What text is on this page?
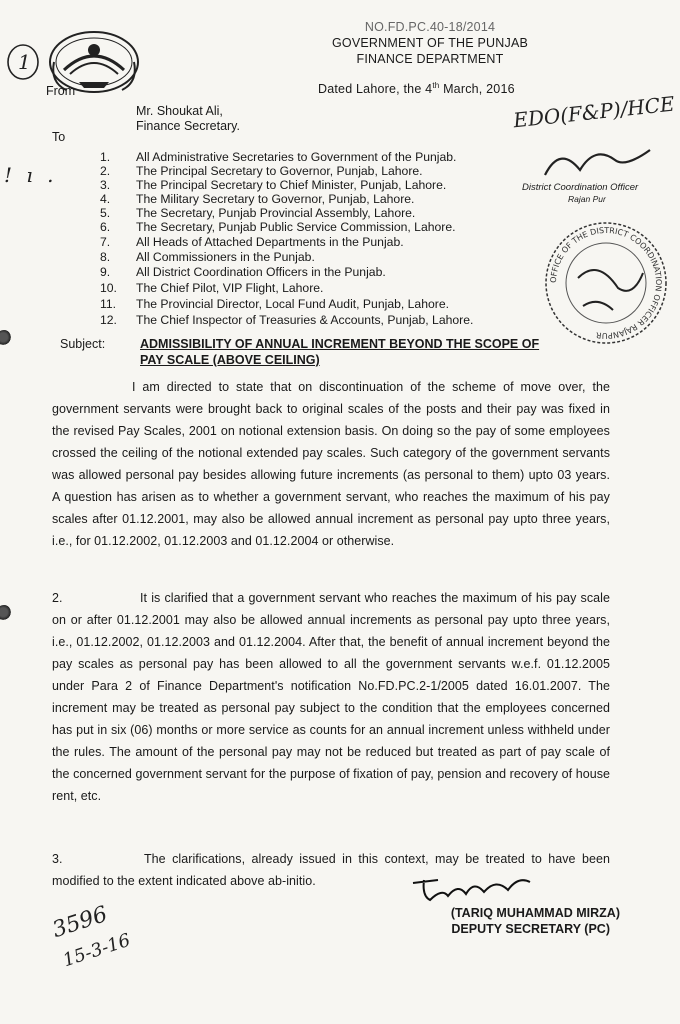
1
NO.FD.PC.40-18/2014
GOVERNMENT OF THE PUNJAB
FINANCE DEPARTMENT
Dated Lahore, the 4th March, 2016
EDO(F&P)/HCE
From
Mr. Shoukat Ali,
Finance Secretary.
To
! ı .
1. All Administrative Secretaries to Government of the Punjab.
2. The Principal Secretary to Governor, Punjab, Lahore.
3. The Principal Secretary to Chief Minister, Punjab, Lahore.
4. The Military Secretary to Governor, Punjab, Lahore.
5. The Secretary, Punjab Provincial Assembly, Lahore.
6. The Secretary, Punjab Public Service Commission, Lahore.
7. All Heads of Attached Departments in the Punjab.
8. All Commissioners in the Punjab.
9. All District Coordination Officers in the Punjab.
10. The Chief Pilot, VIP Flight, Lahore.
11. The Provincial Director, Local Fund Audit, Punjab, Lahore.
12. The Chief Inspector of Treasuries & Accounts, Punjab, Lahore.
District Coordination Officer
Rajan Pur
OFFICE OF THE DISTRICT COORDINATION OFFICER RAJANPUR
Subject:	ADMISSIBILITY OF ANNUAL INCREMENT BEYOND THE SCOPE OF
PAY SCALE (ABOVE CEILING)
I am directed to state that on discontinuation of the scheme of move over, the government servants were brought back to original scales of the posts and their pay was fixed in the revised Pay Scales, 2001 on notional extension basis. On doing so the pay of some employees crossed the ceiling of the notional extended pay scales. Such category of the government servants was allowed personal pay besides allowing future increments (as personal to them) upto 03 years. A question has arisen as to whether a government servant, who reaches the maximum of his pay scales after 01.12.2001, may also be allowed annual increment as personal pay upto three years, i.e., for 01.12.2002, 01.12.2003 and 01.12.2004 or otherwise.
2.	It is clarified that a government servant who reaches the maximum of his pay scale on or after 01.12.2001 may also be allowed annual increments as personal pay upto three years, i.e., 01.12.2002, 01.12.2003 and 01.12.2004. After that, the benefit of annual increment beyond the pay scales as personal pay has been allowed to all the government servants w.e.f. 01.12.2005 under Para 2 of Finance Department's notification No.FD.PC.2-1/2005 dated 16.01.2007. The increment may be treated as personal pay subject to the condition that the employees concerned has put in six (06) months or more service as counts for an annual increment unless withheld under the rules. The amount of the personal pay may not be reduced but treated as part of pay scale of the concerned government servant for the purpose of fixation of pay, pension and recovery of house rent, etc.
3.	The clarifications, already issued in this context, may be treated to have been modified to the extent indicated above ab-initio.
(TARIQ MUHAMMAD MIRZA)
DEPUTY SECRETARY (PC)
3596
15-3-16
